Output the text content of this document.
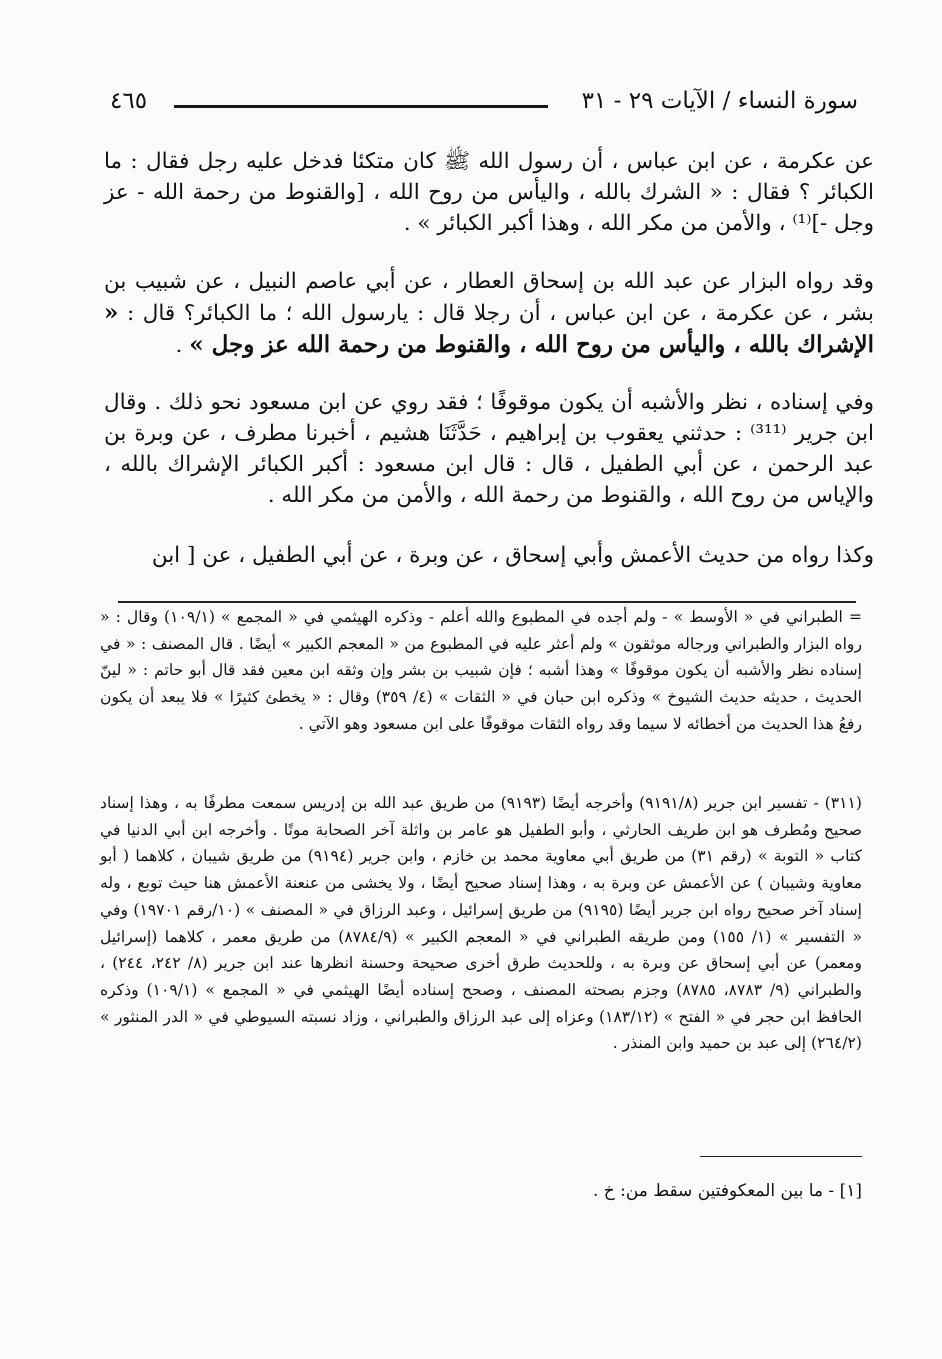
سورة النساء / الآيات ٢٩ - ٣١
٤٦٥

عن عكرمة ، عن ابن عباس ، أن رسول الله ﷺ كان متكئا فدخل عليه رجل فقال : ما الكبائر ؟ فقال : « الشرك بالله ، واليأس من روح الله ، [والقنوط من رحمة الله - عز وجل -]⁽¹⁾ ، والأمن من مكر الله ، وهذا أكبر الكبائر » .

وقد رواه البزار عن عبد الله بن إسحاق العطار ، عن أبي عاصم النبيل ، عن شبيب بن بشر ، عن عكرمة ، عن ابن عباس ، أن رجلا قال : يارسول الله ؛ ما الكبائر؟ قال : « الإشراك بالله ، واليأس من روح الله ، والقنوط من رحمة الله عز وجل » .

وفي إسناده ، نظر والأشبه أن يكون موقوفًا ؛ فقد روي عن ابن مسعود نحو ذلك . وقال ابن جرير ⁽³¹¹⁾ : حدثني يعقوب بن إبراهيم ، حَدَّثَنَا هشيم ، أخبرنا مطرف ، عن وبرة بن عبد الرحمن ، عن أبي الطفيل ، قال : قال ابن مسعود : أكبر الكبائر الإشراك بالله ، والإياس من روح الله ، والقنوط من رحمة الله ، والأمن من مكر الله .

وكذا رواه من حديث الأعمش وأبي إسحاق ، عن وبرة ، عن أبي الطفيل ، عن [ ابن

= الطبراني في « الأوسط » - ولم أجده في المطبوع والله أعلم - وذكره الهيثمي في « المجمع » (١٠٩/١) وقال : « رواه البزار والطبراني ورجاله موثقون » ولم أعثر عليه في المطبوع من « المعجم الكبير » أيضًا . قال المصنف : « في إسناده نظر والأشبه أن يكون موقوفًا » وهذا أشبه ؛ فإن شبيب بن بشر وإن وثقه ابن معين فقد قال أبو حاتم : « لينّ الحديث ، حديثه حديث الشيوخ » وذكره ابن حبان في « الثقات » (٤/ ٣٥٩) وقال : « يخطئ كثيرًا » فلا يبعد أن يكون رفعُ هذا الحديث من أخطائه لا سيما وقد رواه الثقات موقوفًا على ابن مسعود وهو الآتي .

(٣١١) - تفسير ابن جرير (٩١٩١/٨) وأخرجه أيضًا (٩١٩٣) من طريق عبد الله بن إدريس سمعت مطرفًا به ، وهذا إسناد صحيح ومُطرف هو ابن طريف الحارثي ، وأبو الطفيل هو عامر بن واثلة آخر الصحابة موتًا . وأخرجه ابن أبي الدنيا في كتاب « التوبة » (رقم ٣١) من طريق أبي معاوية محمد بن خازم ، وابن جرير (٩١٩٤) من طريق شيبان ، كلاهما ( أبو معاوية وشيبان ) عن الأعمش عن وبرة به ، وهذا إسناد صحيح أيضًا ، ولا يخشى من عنعنة الأعمش هنا حيث توبع ، وله إسناد آخر صحيح رواه ابن جرير أيضًا (٩١٩٥) من طريق إسرائيل ، وعبد الرزاق في « المصنف » (١٠/رقم ١٩٧٠١) وفي « التفسير » (١/ ١٥٥) ومن طريقه الطبراني في « المعجم الكبير » (٨٧٨٤/٩) من طريق معمر ، كلاهما (إسرائيل ومعمر) عن أبي إسحاق عن وبرة به ، وللحديث طرق أخرى صحيحة وحسنة انظرها عند ابن جرير (٨/ ٢٤٢، ٢٤٤) ، والطبراني (٩/ ٨٧٨٣، ٨٧٨٥) وجزم بصحته المصنف ، وصحح إسناده أيضًا الهيثمي في « المجمع » (١٠٩/١) وذكره الحافظ ابن حجر في « الفتح » (١٨٣/١٢) وعزاه إلى عبد الرزاق والطبراني ، وزاد نسبته السيوطي في « الدر المنثور » (٢٦٤/٢) إلى عبد بن حميد وابن المنذر .

[١] - ما بين المعكوفتين سقط من: خ .
